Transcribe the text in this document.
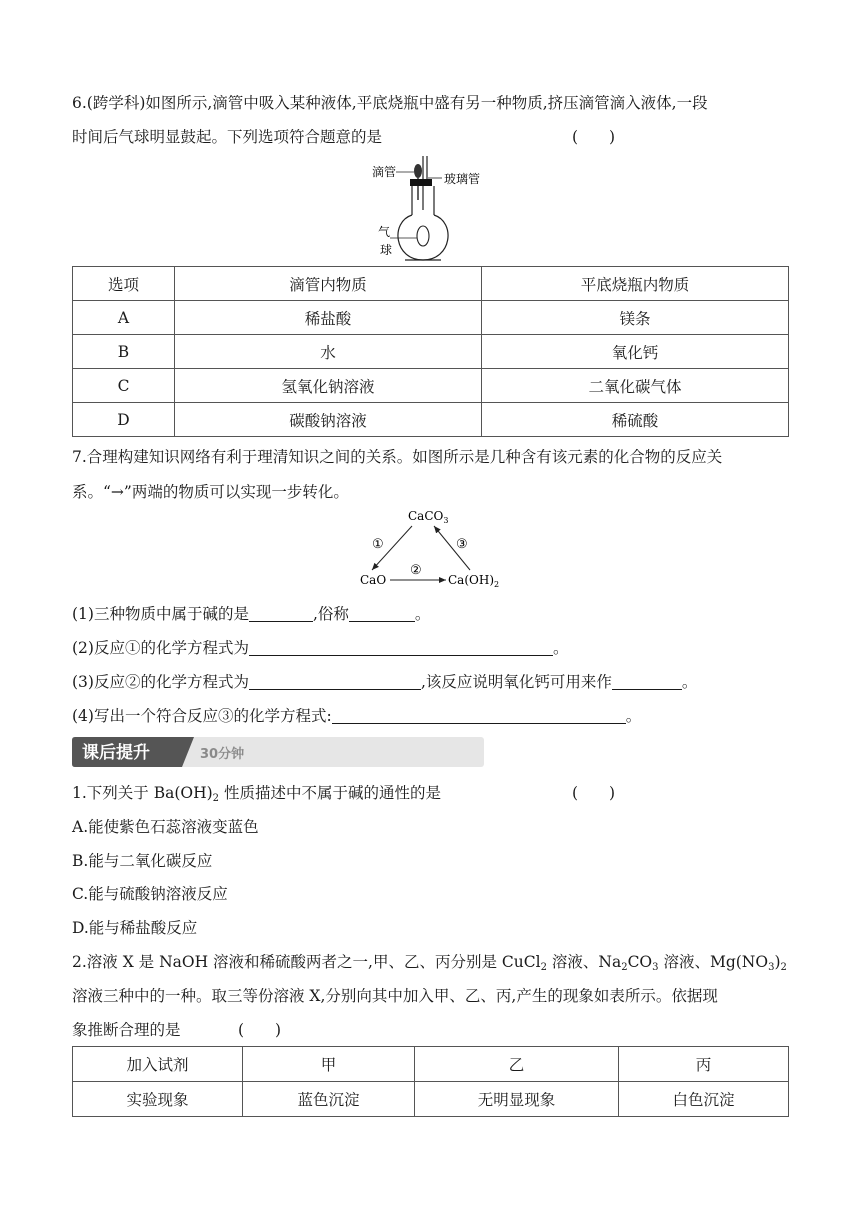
6.(跨学科)如图所示,滴管中吸入某种液体,平底烧瓶中盛有另一种物质,挤压滴管滴入液体,一段
时间后气球明显鼓起。下列选项符合题意的是	(　　)
滴管	玻璃管
气
球
选项	滴管内物质	平底烧瓶内物质
A	稀盐酸	镁条
B	水	氧化钙
C	氢氧化钠溶液	二氧化碳气体
D	碳酸钠溶液	稀硫酸
7.合理构建知识网络有利于理清知识之间的关系。如图所示是几种含有该元素的化合物的反应关
系。“→”两端的物质可以实现一步转化。
CaCO$_3$
CaO	$Ca(OH)_2$
①
②
③
(1)三种物质中属于碱的是	,俗称	。
(2)反应①的化学方程式为	。
(3)反应②的化学方程式为	,该反应说明氧化钙可用来作	。
(4)写出一个符合反应③的化学方程式:	。
课后提升	30分钟
1.下列关于 $Ba(OH)_2$ 性质描述中不属于碱的通性的是	(　　)
A.能使紫色石蕊溶液变蓝色
B.能与二氧化碳反应
C.能与硫酸钠溶液反应
D.能与稀盐酸反应
2.溶液 X 是 NaOH 溶液和稀硫酸两者之一,甲、乙、丙分别是 CuCl$_2$ 溶液、$Na_2CO_3$ 溶液、$Mg(NO_3)_2$
溶液三种中的一种。取三等份溶液 X,分别向其中加入甲、乙、丙,产生的现象如表所示。依据现
象推断合理的是	(　　)
加入试剂	甲	乙	丙
实验现象	蓝色沉淀	无明显现象	白色沉淀
